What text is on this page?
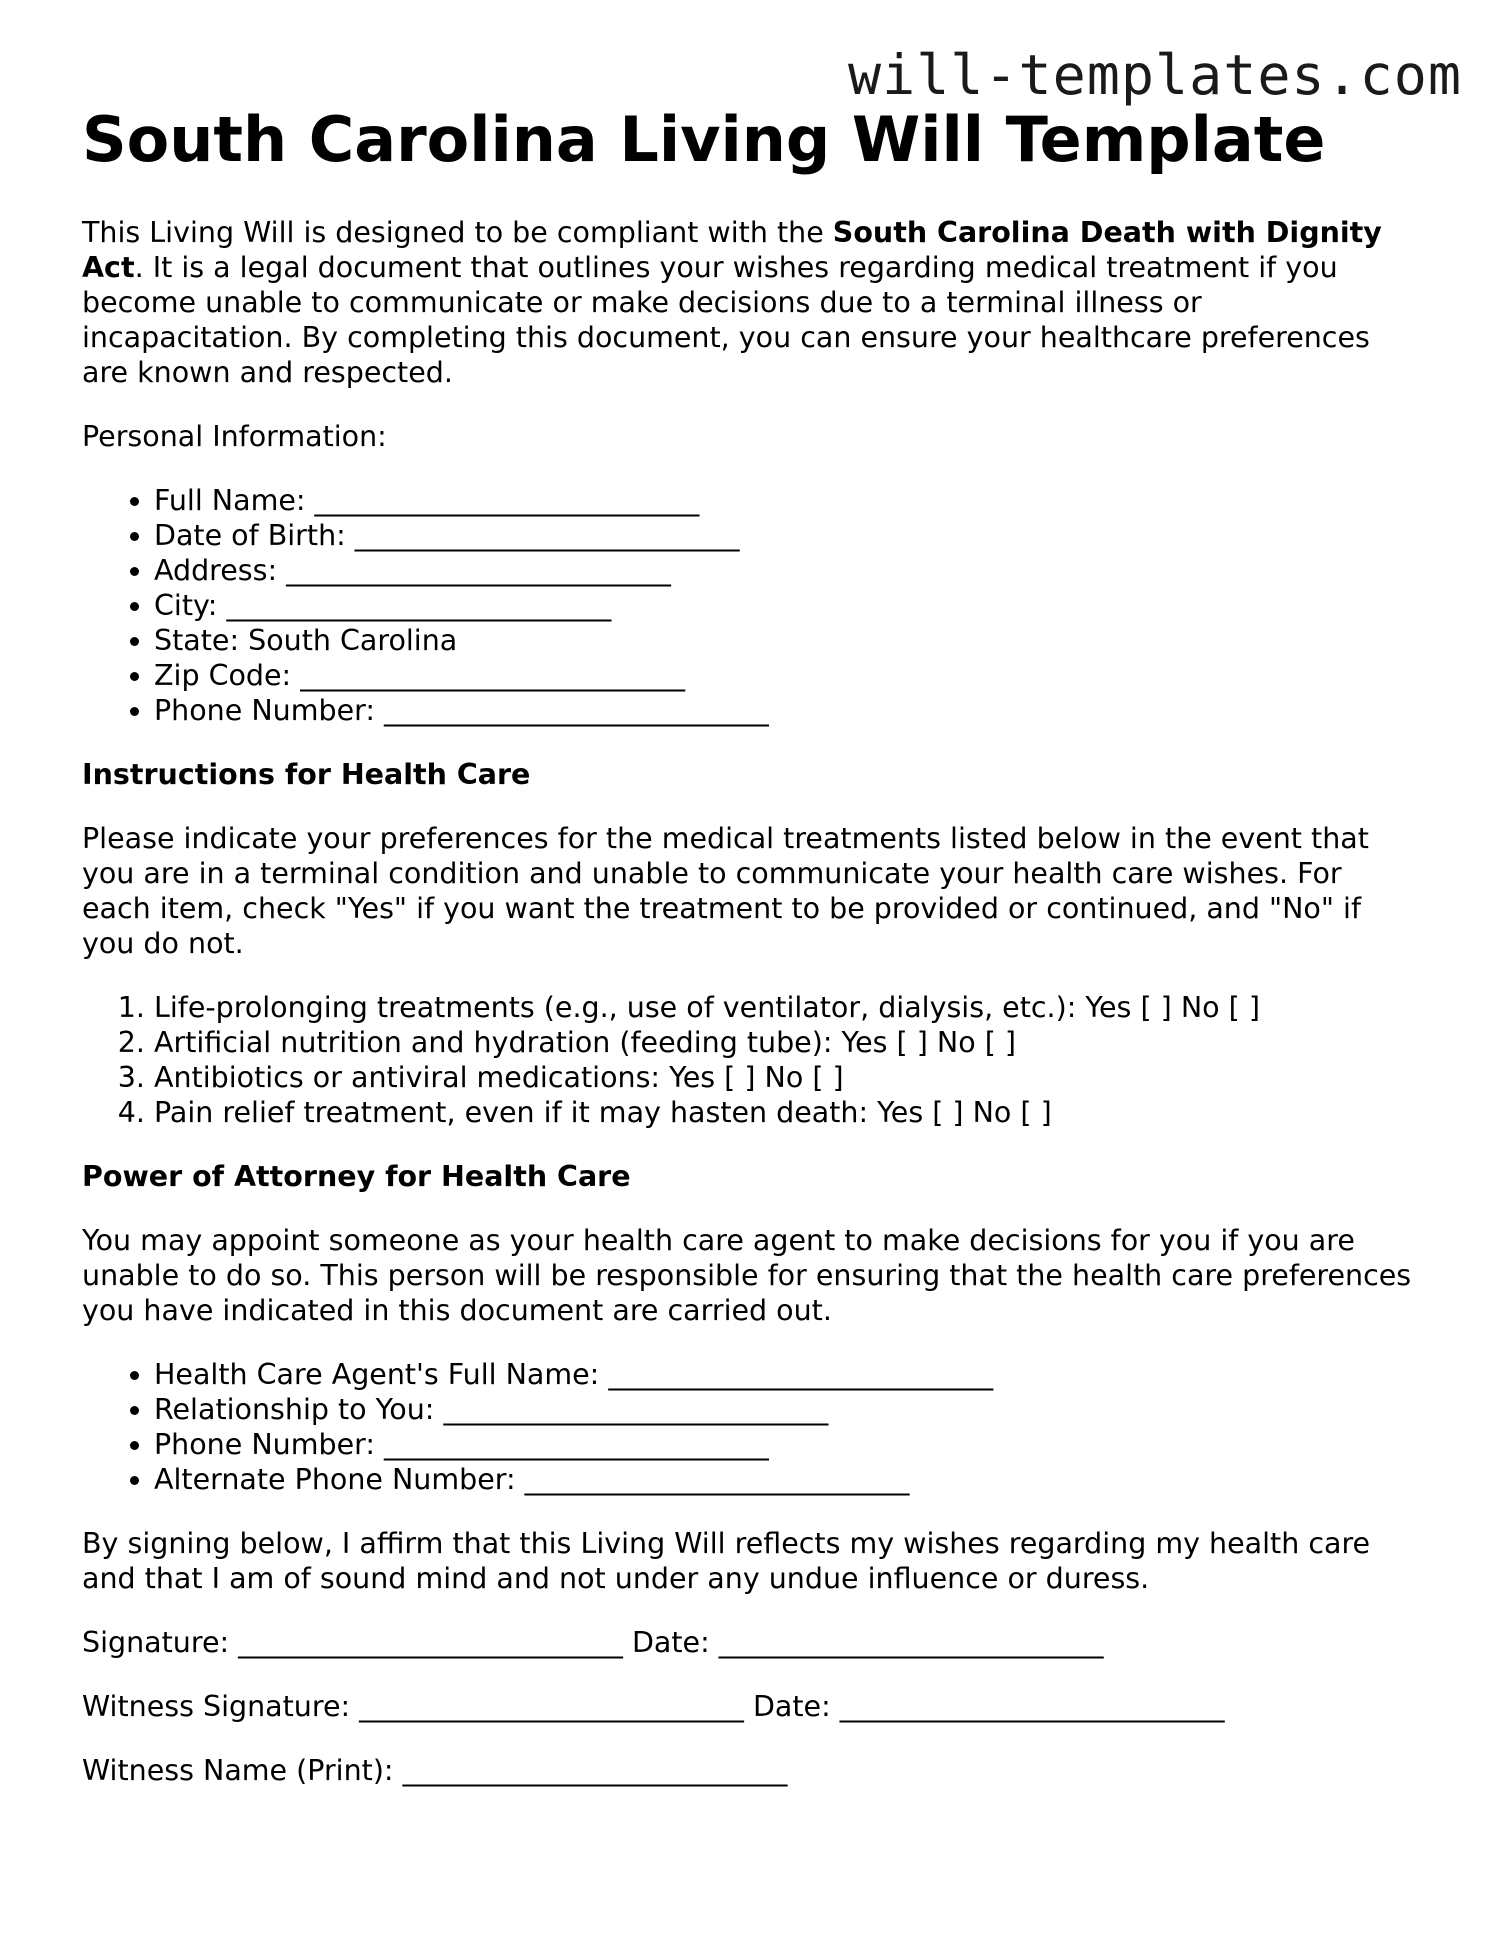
will-templates.com
South Carolina Living Will Template

This Living Will is designed to be compliant with the South Carolina Death with Dignity Act. It is a legal document that outlines your wishes regarding medical treatment if you become unable to communicate or make decisions due to a terminal illness or incapacitation. By completing this document, you can ensure your healthcare preferences are known and respected.

Personal Information:

• Full Name: ___________________________
• Date of Birth: ___________________________
• Address: ___________________________
• City: ___________________________
• State: South Carolina
• Zip Code: ___________________________
• Phone Number: ___________________________

Instructions for Health Care

Please indicate your preferences for the medical treatments listed below in the event that you are in a terminal condition and unable to communicate your health care wishes. For each item, check "Yes" if you want the treatment to be provided or continued, and "No" if you do not.

1. Life-prolonging treatments (e.g., use of ventilator, dialysis, etc.): Yes [ ] No [ ]
2. Artificial nutrition and hydration (feeding tube): Yes [ ] No [ ]
3. Antibiotics or antiviral medications: Yes [ ] No [ ]
4. Pain relief treatment, even if it may hasten death: Yes [ ] No [ ]

Power of Attorney for Health Care

You may appoint someone as your health care agent to make decisions for you if you are unable to do so. This person will be responsible for ensuring that the health care preferences you have indicated in this document are carried out.

• Health Care Agent's Full Name: ___________________________
• Relationship to You: ___________________________
• Phone Number: ___________________________
• Alternate Phone Number: ___________________________

By signing below, I affirm that this Living Will reflects my wishes regarding my health care and that I am of sound mind and not under any undue influence or duress.

Signature: ___________________________ Date: ___________________________

Witness Signature: ___________________________ Date: ___________________________

Witness Name (Print): ___________________________
